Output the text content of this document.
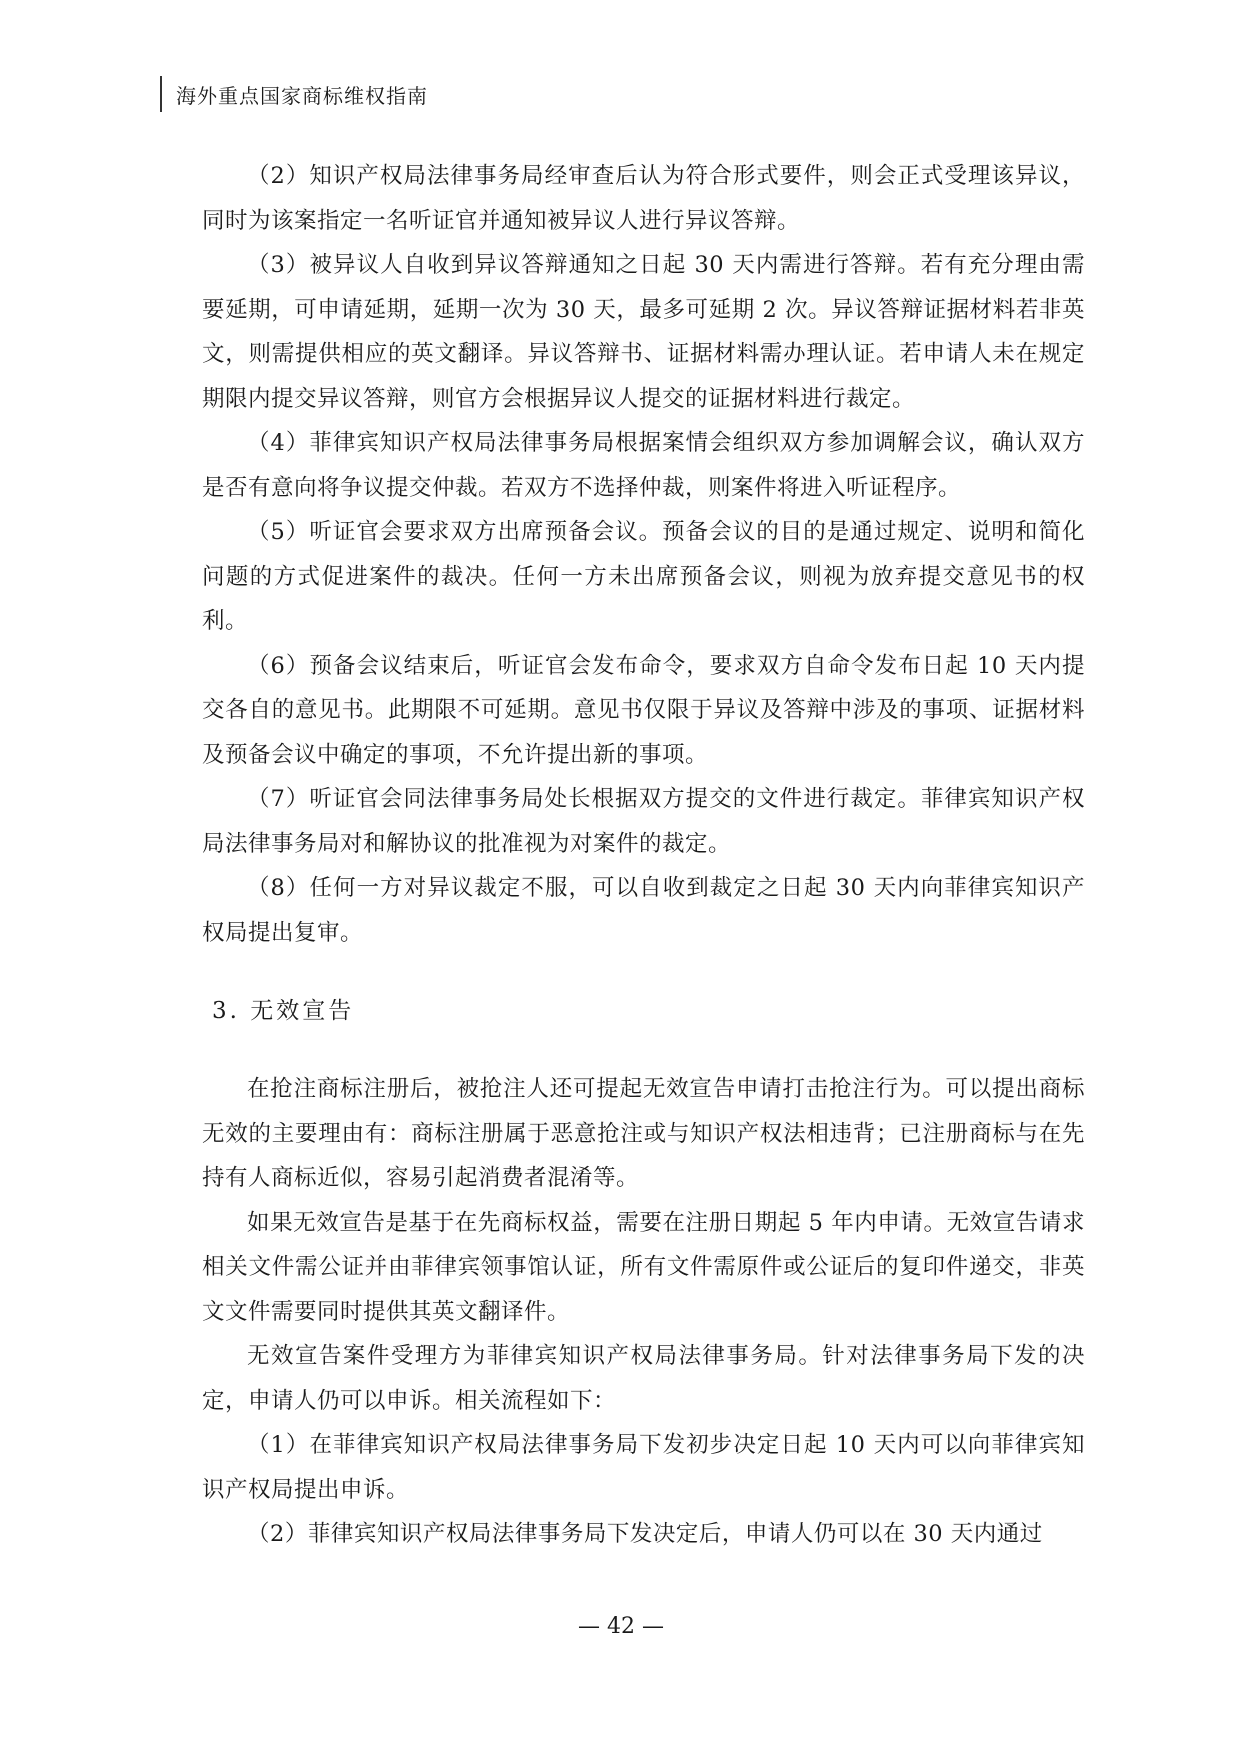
海外重点国家商标维权指南

（2）知识产权局法律事务局经审查后认为符合形式要件，则会正式受理该异议，同时为该案指定一名听证官并通知被异议人进行异议答辩。

（3）被异议人自收到异议答辩通知之日起 30 天内需进行答辩。若有充分理由需要延期，可申请延期，延期一次为 30 天，最多可延期 2 次。异议答辩证据材料若非英文，则需提供相应的英文翻译。异议答辩书、证据材料需办理认证。若申请人未在规定期限内提交异议答辩，则官方会根据异议人提交的证据材料进行裁定。

（4）菲律宾知识产权局法律事务局根据案情会组织双方参加调解会议，确认双方是否有意向将争议提交仲裁。若双方不选择仲裁，则案件将进入听证程序。

（5）听证官会要求双方出席预备会议。预备会议的目的是通过规定、说明和简化问题的方式促进案件的裁决。任何一方未出席预备会议，则视为放弃提交意见书的权利。

（6）预备会议结束后，听证官会发布命令，要求双方自命令发布日起 10 天内提交各自的意见书。此期限不可延期。意见书仅限于异议及答辩中涉及的事项、证据材料及预备会议中确定的事项，不允许提出新的事项。

（7）听证官会同法律事务局处长根据双方提交的文件进行裁定。菲律宾知识产权局法律事务局对和解协议的批准视为对案件的裁定。

（8）任何一方对异议裁定不服，可以自收到裁定之日起 30 天内向菲律宾知识产权局提出复审。

3. 无效宣告

在抢注商标注册后，被抢注人还可提起无效宣告申请打击抢注行为。可以提出商标无效的主要理由有：商标注册属于恶意抢注或与知识产权法相违背；已注册商标与在先持有人商标近似，容易引起消费者混淆等。

如果无效宣告是基于在先商标权益，需要在注册日期起 5 年内申请。无效宣告请求相关文件需公证并由菲律宾领事馆认证，所有文件需原件或公证后的复印件递交，非英文文件需要同时提供其英文翻译件。

无效宣告案件受理方为菲律宾知识产权局法律事务局。针对法律事务局下发的决定，申请人仍可以申诉。相关流程如下：

（1）在菲律宾知识产权局法律事务局下发初步决定日起 10 天内可以向菲律宾知识产权局提出申诉。

（2）菲律宾知识产权局法律事务局下发决定后，申请人仍可以在 30 天内通过

— 42 —
